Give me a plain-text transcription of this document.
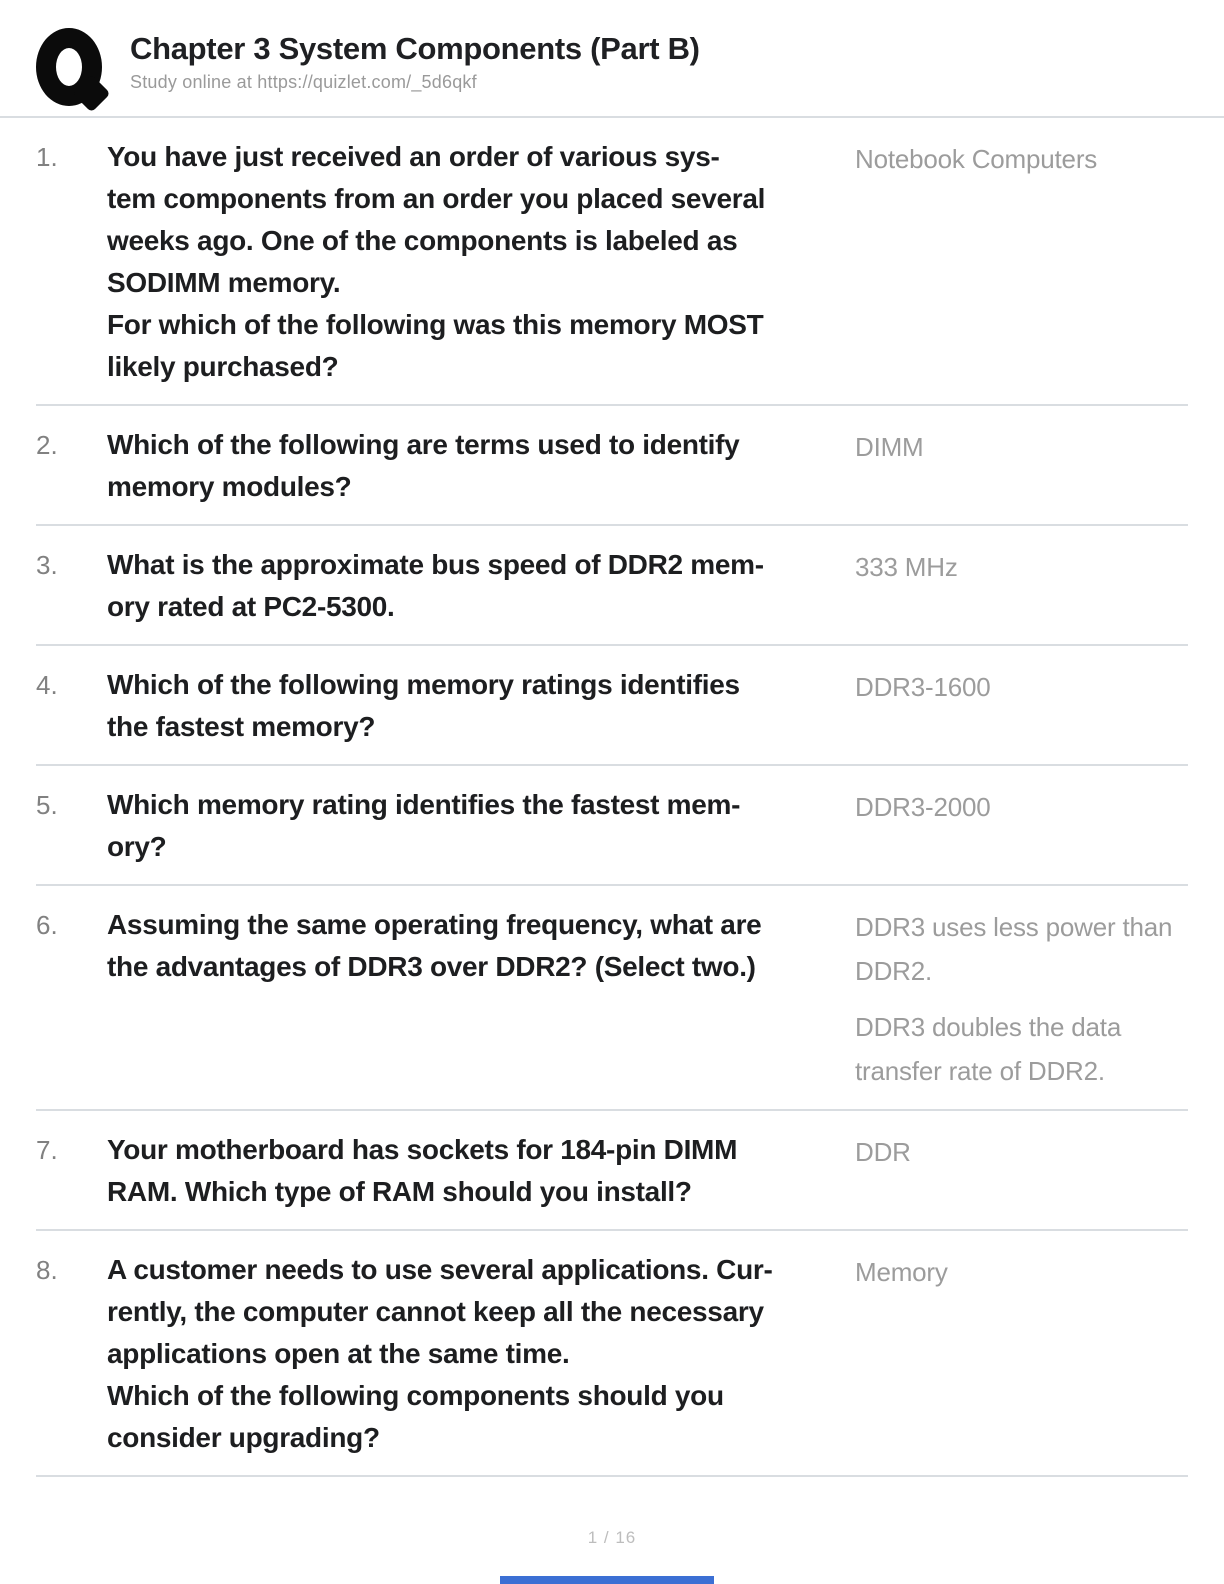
Chapter 3 System Components (Part B)
Study online at https://quizlet.com/_5d6qkf
1.	You have just received an order of various sys-
tem components from an order you placed several
weeks ago. One of the components is labeled as
SODIMM memory.
For which of the following was this memory MOST
likely purchased?

Notebook Computers

2.	Which of the following are terms used to identify
memory modules?

DIMM

3.	What is the approximate bus speed of DDR2 mem-
ory rated at PC2-5300.

333 MHz

4.	Which of the following memory ratings identifies
the fastest memory?

DDR3-1600

5.	Which memory rating identifies the fastest mem-
ory?

DDR3-2000

6.	Assuming the same operating frequency, what are
the advantages of DDR3 over DDR2? (Select two.)

DDR3 uses less power than DDR2.

DDR3 doubles the data transfer rate of DDR2.

7.	Your motherboard has sockets for 184-pin DIMM
RAM. Which type of RAM should you install?

DDR

8.	A customer needs to use several applications. Cur-
rently, the computer cannot keep all the necessary
applications open at the same time.
Which of the following components should you
consider upgrading?

Memory

1 / 16
